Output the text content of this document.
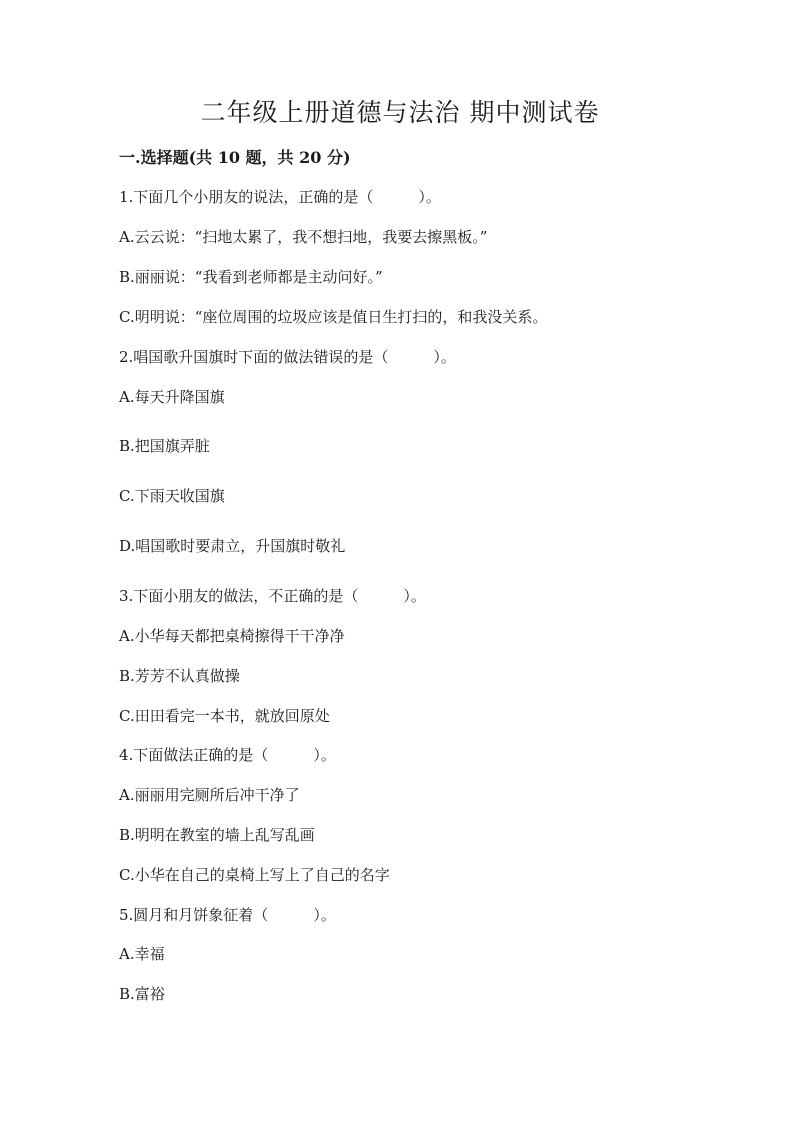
二年级上册道德与法治 期中测试卷
一.选择题(共 10 题，共 20 分)
1.下面几个小朋友的说法，正确的是（　　　）。
A.云云说：“扫地太累了，我不想扫地，我要去擦黑板。”
B.丽丽说：“我看到老师都是主动问好。”
C.明明说：“座位周围的垃圾应该是值日生打扫的，和我没关系。
2.唱国歌升国旗时下面的做法错误的是（　　　）。
A.每天升降国旗
B.把国旗弄脏
C.下雨天收国旗
D.唱国歌时要肃立，升国旗时敬礼
3.下面小朋友的做法，不正确的是（　　　）。
A.小华每天都把桌椅擦得干干净净
B.芳芳不认真做操
C.田田看完一本书，就放回原处
4.下面做法正确的是（　　　）。
A.丽丽用完厕所后冲干净了
B.明明在教室的墙上乱写乱画
C.小华在自己的桌椅上写上了自己的名字
5.圆月和月饼象征着（　　　）。
A.幸福
B.富裕
